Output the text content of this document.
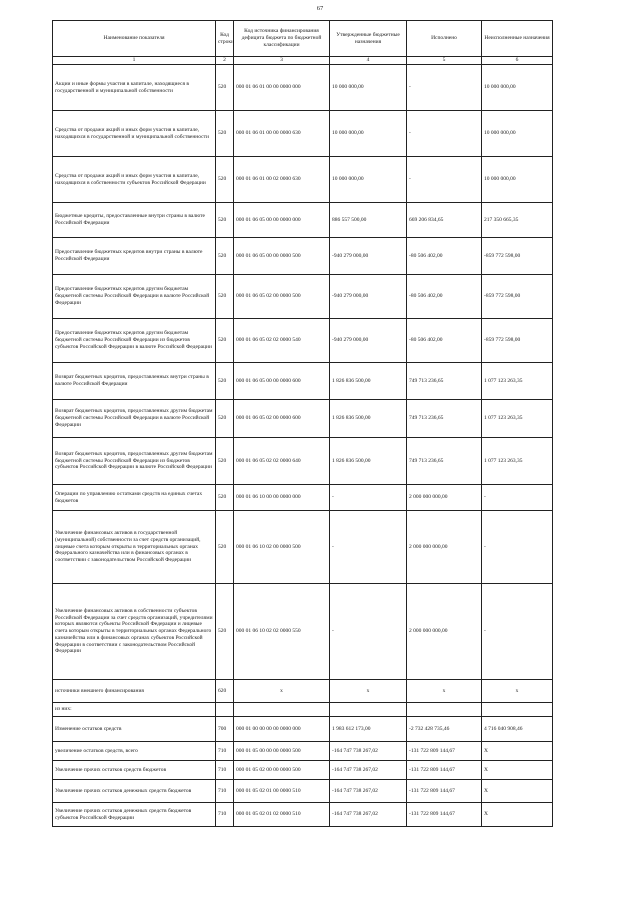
67
Наименование показателя	Код строки	Код источника финансирования дефицита бюджета по бюджетной классификации	Утвержденные бюджетные назначения	Исполнено	Неисполненные назначения
1	2	3	4	5	6
Акции и иные формы участия в капитале, находящиеся в государственной и муниципальной собственности	520	000 01 06 01 00 00 0000 000	10 000 000,00	-	10 000 000,00
Средства от продажи акций и иных форм участия в капитале, находящихся в государственной и муниципальной собственности	520	000 01 06 01 00 00 0000 630	10 000 000,00	-	10 000 000,00
Средства от продажи акций и иных форм участия в капитале, находящихся в собственности субъектов Российской Федерации	520	000 01 06 01 00 02 0000 630	10 000 000,00	-	10 000 000,00
Бюджетные кредиты, предоставленные внутри страны в валюте Российской Федерации	520	000 01 06 05 00 00 0000 000	886 557 500,00	669 206 834,65	217 350 665,35
Предоставление бюджетных кредитов внутри страны в валюте Российской Федерации	520	000 01 06 05 00 00 0000 500	-940 279 000,00	-80 506 402,00	-859 772 598,00
Предоставление бюджетных кредитов другим бюджетам бюджетной системы Российской Федерации в валюте Российской Федерации	520	000 01 06 05 02 00 0000 500	-940 279 000,00	-80 506 402,00	-859 772 598,00
Предоставление бюджетных кредитов другим бюджетам бюджетной системы Российской Федерации из бюджетов субъектов Российской Федерации в валюте Российской Федерации	520	000 01 06 05 02 02 0000 540	-940 279 000,00	-80 506 402,00	-859 772 598,00
Возврат бюджетных кредитов, предоставленных внутри страны в валюте Российской Федерации	520	000 01 06 05 00 00 0000 600	1 826 836 500,00	749 713 236,65	1 077 123 263,35
Возврат бюджетных кредитов, предоставленных другим бюджетам бюджетной системы Российской Федерации в валюте Российской Федерации	520	000 01 06 05 02 00 0000 600	1 826 836 500,00	749 713 236,65	1 077 123 263,35
Возврат бюджетных кредитов, предоставленных другим бюджетам бюджетной системы Российской Федерации из бюджетов субъектов Российской Федерации в валюте Российской Федерации	520	000 01 06 05 02 02 0000 640	1 826 836 500,00	749 713 236,65	1 077 123 263,35
Операции по управлению остатками средств на единых счетах бюджетов	520	000 01 06 10 00 00 0000 000	-	2 000 000 000,00	-
Увеличение финансовых активов в государственной (муниципальной) собственности за счет средств организаций, лицевые счета которым открыты в территориальных органах Федерального казначейства или в финансовых органах в соответствии с законодательством Российской Федерации	520	000 01 06 10 02 00 0000 500	-	2 000 000 000,00	-
Увеличение финансовых активов в собственности субъектов Российской Федерации за счет средств организаций, учредителями которых являются субъекты Российской Федерации и лицевые счета которым открыты в территориальных органах Федерального казначейства или в финансовых органах субъектов Российской Федерации в соответствии с законодательством Российской Федерации	520	000 01 06 10 02 02 0000 550	-	2 000 000 000,00	-
источники внешнего финансирования	620	x	x	x	x
из них:					
Изменение остатков средств	700	000 01 00 00 00 00 0000 000	1 983 612 173,00	-2 732 428 735,46	4 716 040 908,46
увеличение остатков средств, всего	710	000 01 05 00 00 00 0000 500	-164 747 738 267,02	-131 722 809 144,67	X
Увеличение прочих остатков средств бюджетов	710	000 01 05 02 00 00 0000 500	-164 747 738 267,02	-131 722 809 144,67	X
Увеличение прочих остатков денежных средств бюджетов	710	000 01 05 02 01 00 0000 510	-164 747 738 267,02	-131 722 809 144,67	X
Увеличение прочих остатков денежных средств бюджетов субъектов Российской Федерации	710	000 01 05 02 01 02 0000 510	-164 747 738 267,02	-131 722 809 144,67	X
